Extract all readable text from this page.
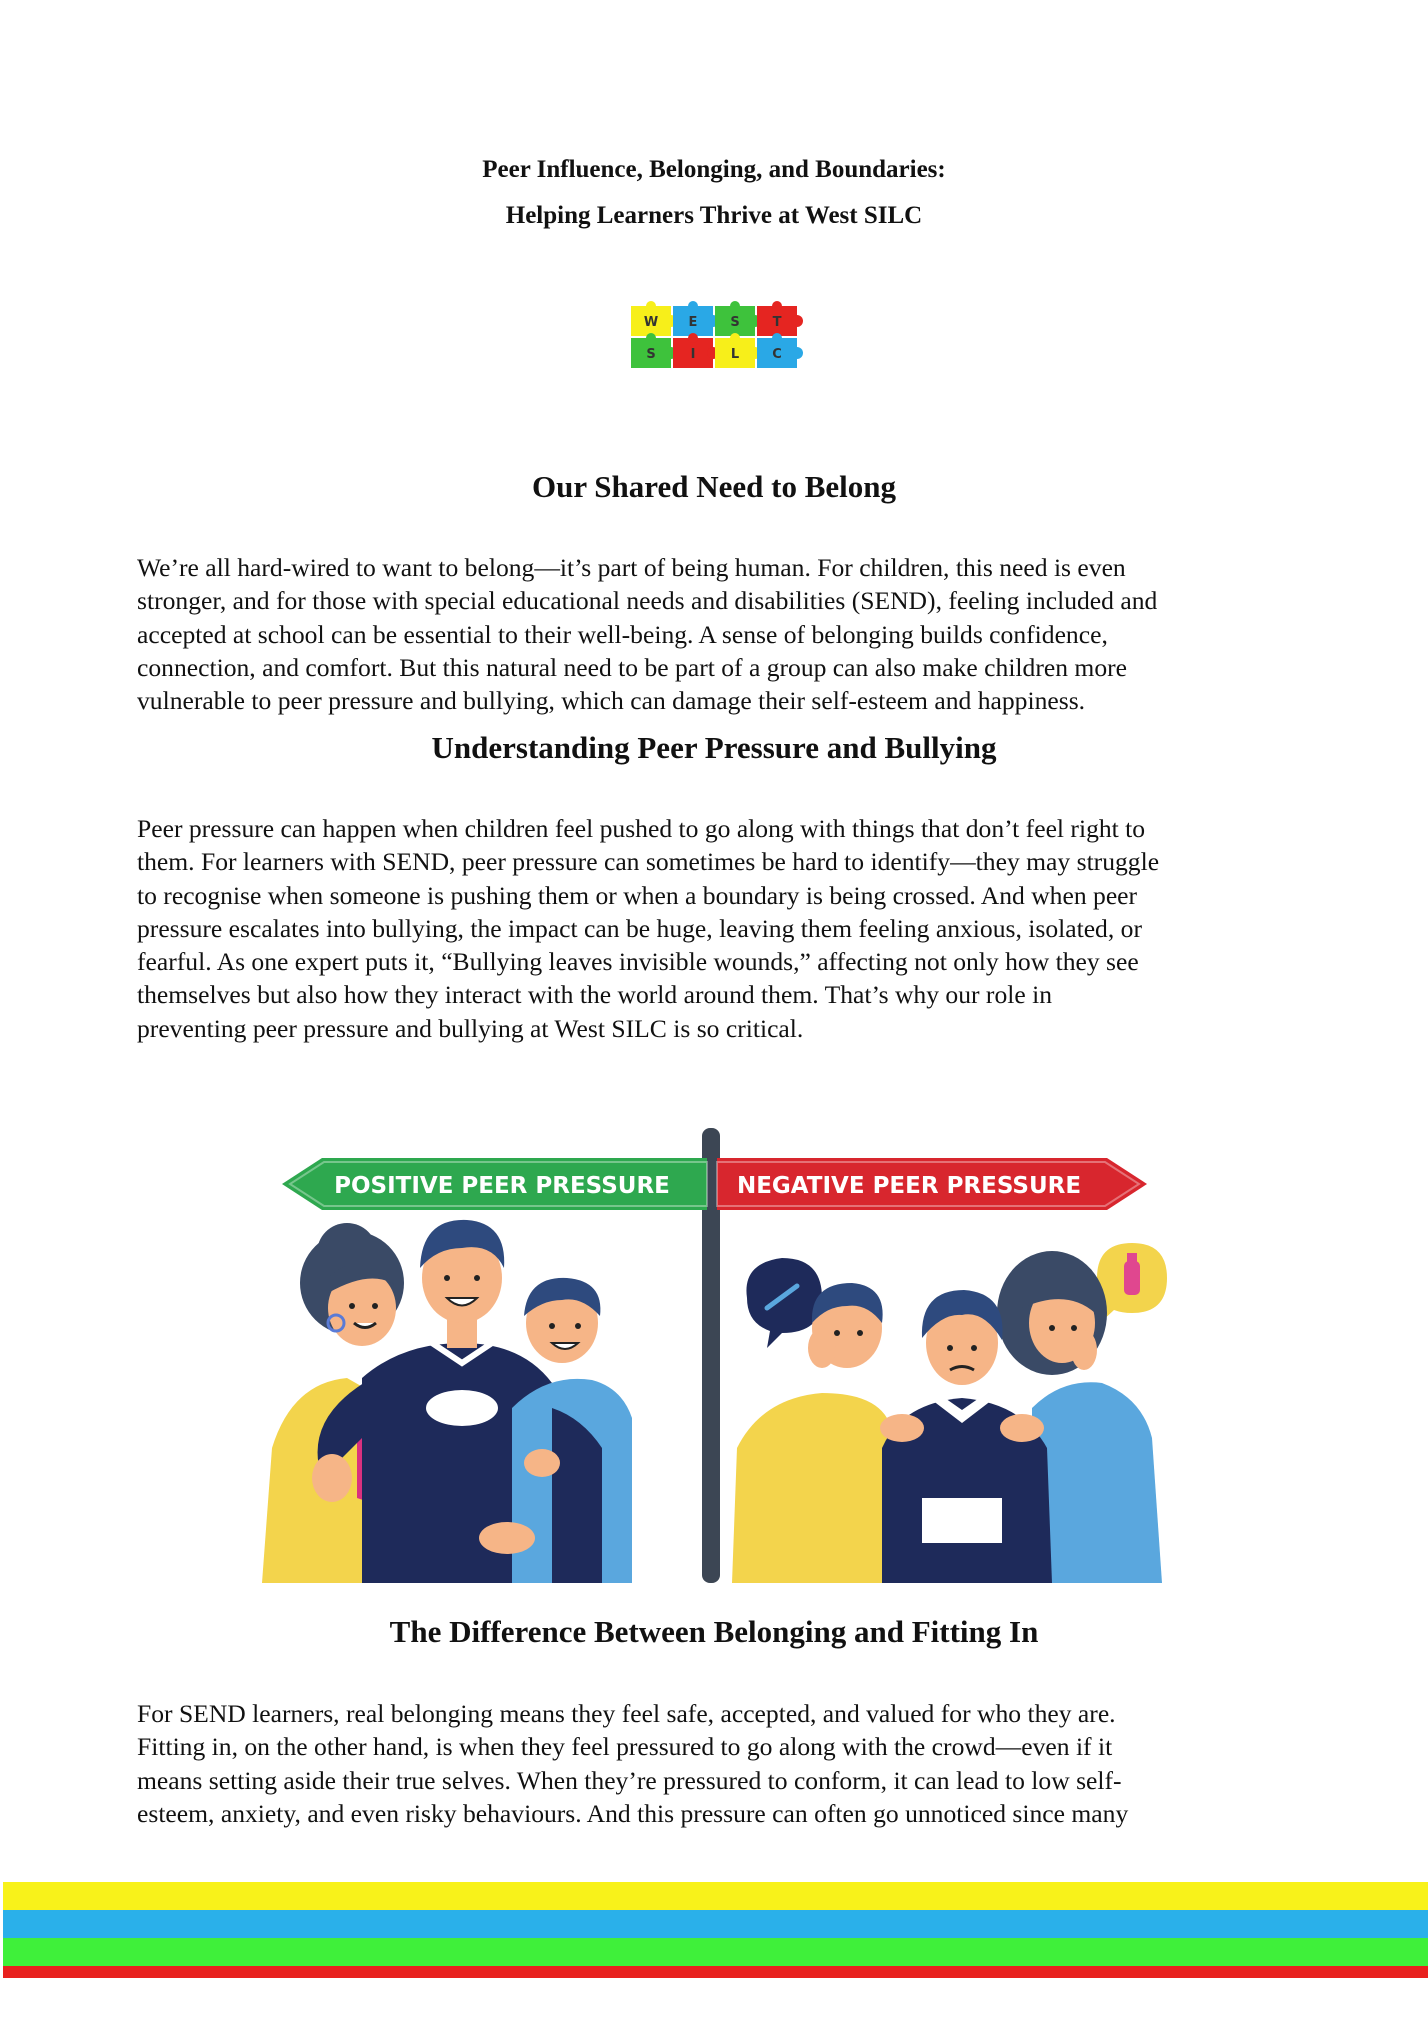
Peer Influence, Belonging, and Boundaries:
Helping Learners Thrive at West SILC
W E	S	T
S	I	L	C
Our Shared Need to Belong
We’re all hard-wired to want to belong—it’s part of being human. For children, this need is even
stronger, and for those with special educational needs and disabilities (SEND), feeling included and
accepted at school can be essential to their well-being. A sense of belonging builds confidence,
connection, and comfort. But this natural need to be part of a group can also make children more
vulnerable to peer pressure and bullying, which can damage their self-esteem and happiness.
Understanding Peer Pressure and Bullying
Peer pressure can happen when children feel pushed to go along with things that don’t feel right to
them. For learners with SEND, peer pressure can sometimes be hard to identify—they may struggle
to recognise when someone is pushing them or when a boundary is being crossed. And when peer
pressure escalates into bullying, the impact can be huge, leaving them feeling anxious, isolated, or
fearful. As one expert puts it, “Bullying leaves invisible wounds,” affecting not only how they see
themselves but also how they interact with the world around them. That’s why our role in
preventing peer pressure and bullying at West SILC is so critical.
POSITIVE PEER PRESSURE	NEGATIVE PEER PRESSURE
The Difference Between Belonging and Fitting In
For SEND learners, real belonging means they feel safe, accepted, and valued for who they are.
Fitting in, on the other hand, is when they feel pressured to go along with the crowd—even if it
means setting aside their true selves. When they’re pressured to conform, it can lead to low self-
esteem, anxiety, and even risky behaviours. And this pressure can often go unnoticed since many
